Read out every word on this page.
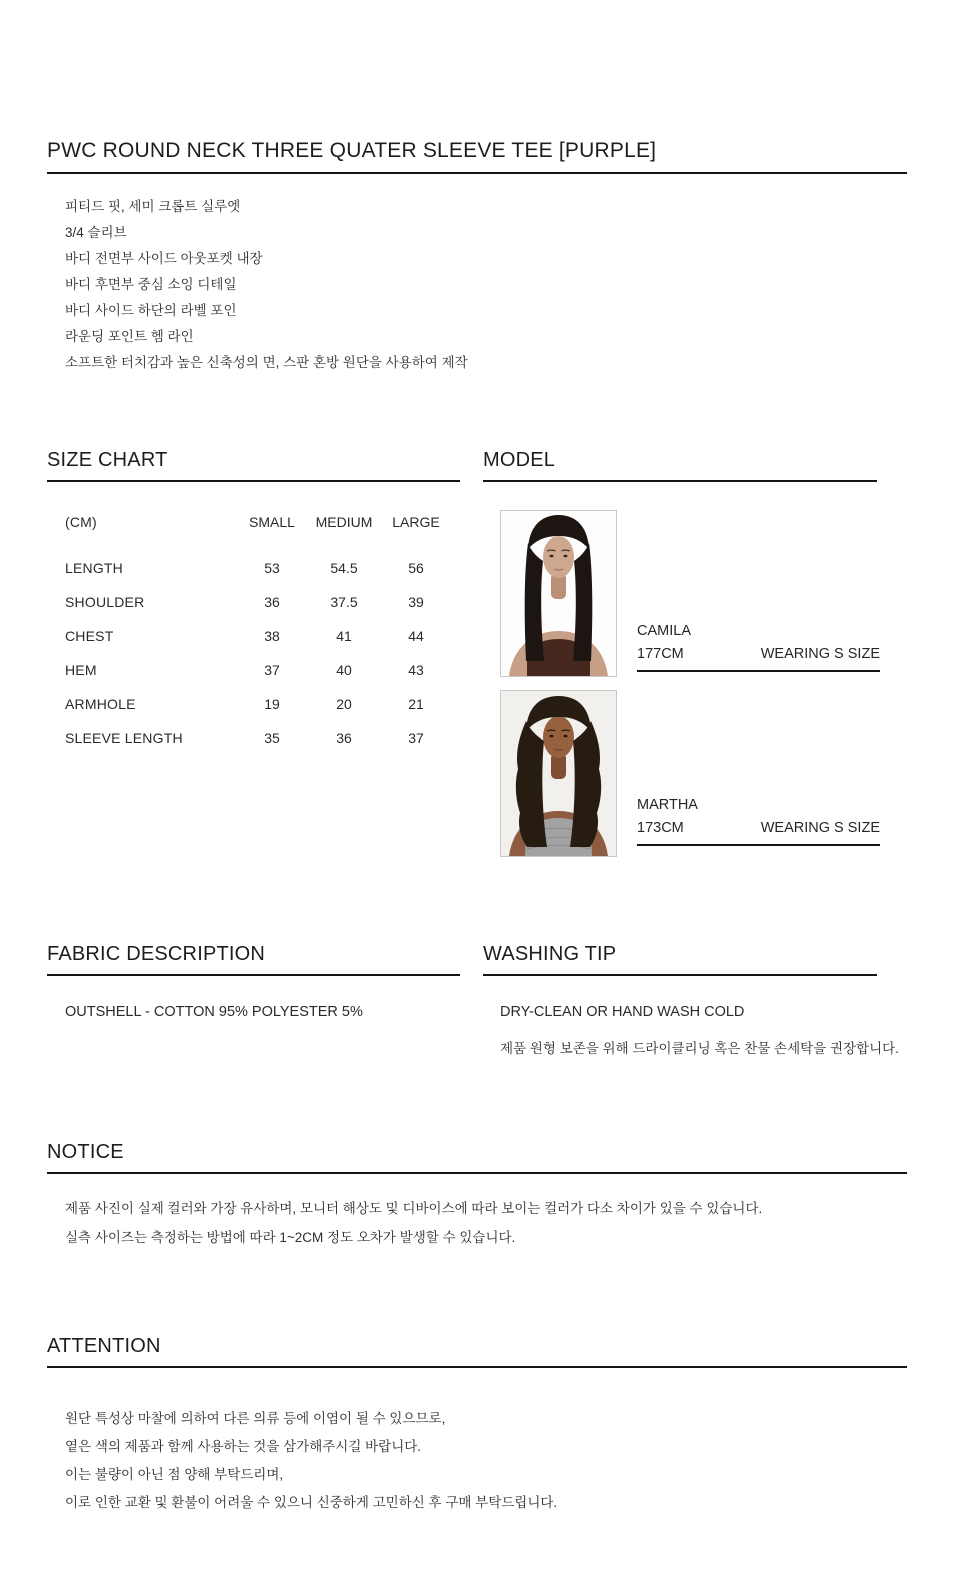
PWC ROUND NECK THREE QUATER SLEEVE TEE [PURPLE]
피티드 핏, 세미 크롭트 실루엣
3/4 슬리브
바디 전면부 사이드 아웃포켓 내장
바디 후면부 중심 소잉 디테일
바디 사이드 하단의 라벨 포인
라운딩 포인트 헴 라인
소프트한 터치감과 높은 신축성의 면, 스판 혼방 원단을 사용하여 제작
SIZE CHART
(CM)	SMALL	MEDIUM	LARGE
LENGTH	53	54.5	56
SHOULDER	36	37.5	39
CHEST	38	41	44
HEM	37	40	43
ARMHOLE	19	20	21
SLEEVE LENGTH	35	36	37
MODEL
CAMILA
177CM	WEARING S SIZE
MARTHA
173CM	WEARING S SIZE
FABRIC DESCRIPTION
OUTSHELL - COTTON 95% POLYESTER 5%
WASHING TIP
DRY-CLEAN OR HAND WASH COLD
제품 원형 보존을 위해 드라이클리닝 혹은 찬물 손세탁을 권장합니다.
NOTICE
제품 사진이 실제 컬러와 가장 유사하며, 모니터 해상도 및 디바이스에 따라 보이는 컬러가 다소 차이가 있을 수 있습니다.
실측 사이즈는 측정하는 방법에 따라 1~2CM 정도 오차가 발생할 수 있습니다.
ATTENTION
원단 특성상 마찰에 의하여 다른 의류 등에 이염이 될 수 있으므로,
옅은 색의 제품과 함께 사용하는 것을 삼가해주시길 바랍니다.
이는 불량이 아닌 점 양해 부탁드리며,
이로 인한 교환 및 환불이 어려울 수 있으니 신중하게 고민하신 후 구매 부탁드립니다.
